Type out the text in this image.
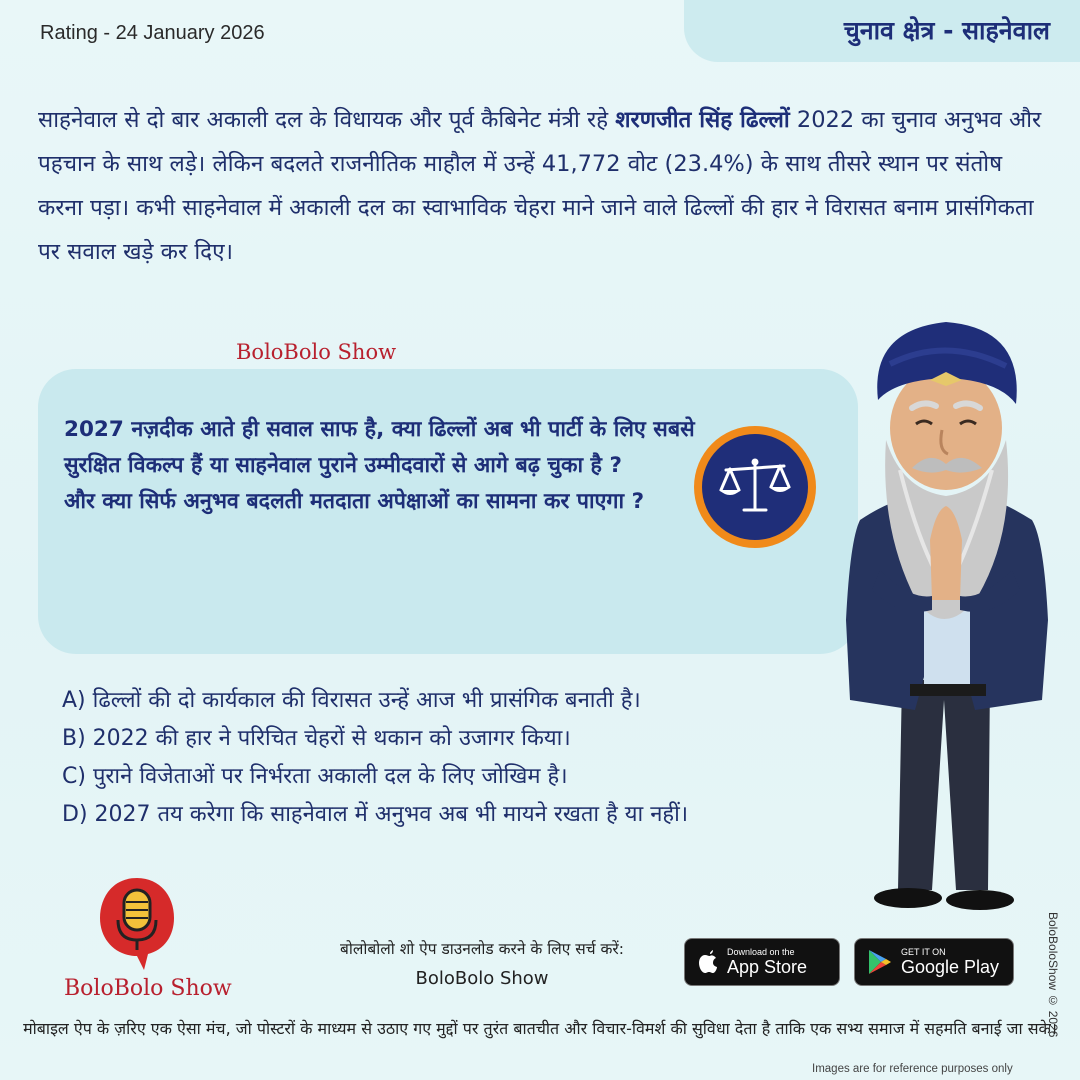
Rating - 24 January 2026	चुनाव क्षेत्र - साहनेवाल

साहनेवाल से दो बार अकाली दल के विधायक और पूर्व कैबिनेट मंत्री रहे शरणजीत सिंह ढिल्लों 2022 का चुनाव अनुभव और पहचान के साथ लड़े। लेकिन बदलते राजनीतिक माहौल में उन्हें 41,772 वोट (23.4%) के साथ तीसरे स्थान पर संतोष करना पड़ा। कभी साहनेवाल में अकाली दल का स्वाभाविक चेहरा माने जाने वाले ढिल्लों की हार ने विरासत बनाम प्रासंगिकता पर सवाल खड़े कर दिए।

BoloBolo Show

2027 नज़दीक आते ही सवाल साफ है, क्या ढिल्लों अब भी पार्टी के लिए सबसे सुरक्षित विकल्प हैं या साहनेवाल पुराने उम्मीदवारों से आगे बढ़ चुका है ?
और क्या सिर्फ अनुभव बदलती मतदाता अपेक्षाओं का सामना कर पाएगा ?

A) ढिल्लों की दो कार्यकाल की विरासत उन्हें आज भी प्रासंगिक बनाती है।
B) 2022 की हार ने परिचित चेहरों से थकान को उजागर किया।
C) पुराने विजेताओं पर निर्भरता अकाली दल के लिए जोखिम है।
D) 2027 तय करेगा कि साहनेवाल में अनुभव अब भी मायने रखता है या नहीं।
BoloBolo Show
बोलोबोलो शो ऐप डाउनलोड करने के लिए सर्च करें:
BoloBolo Show
Download on the
App Store
GET IT ON
Google Play
मोबाइल ऐप के ज़रिए एक ऐसा मंच, जो पोस्टरों के माध्यम से उठाए गए मुद्दों पर तुरंत बातचीत और विचार-विमर्श की सुविधा देता है ताकि एक सभ्य समाज में सहमति बनाई जा सके।
Images are for reference purposes only
BoloBoloShow © 2026
